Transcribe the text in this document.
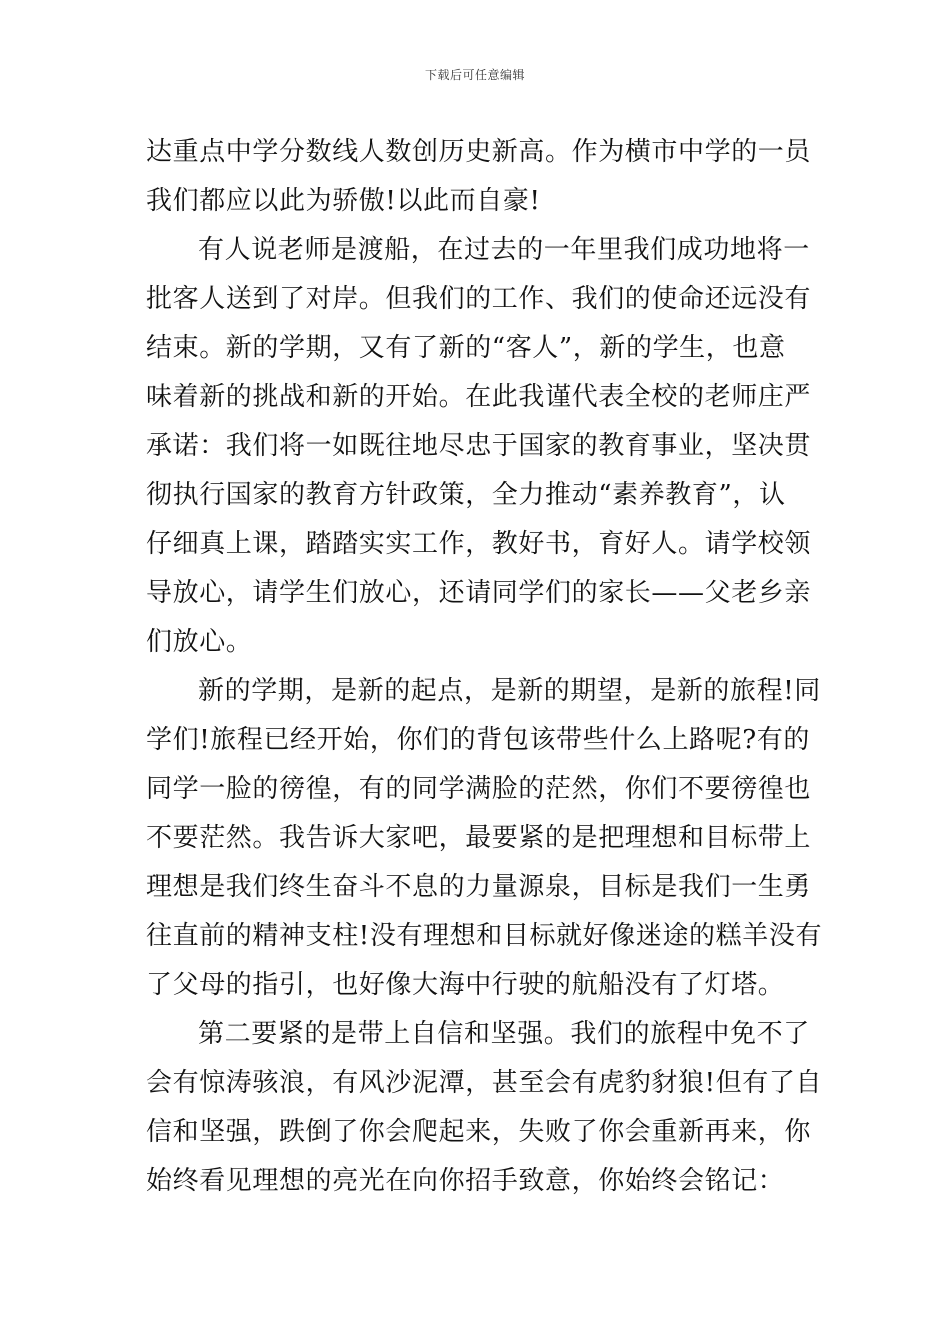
下载后可任意编辑
达重点中学分数线人数创历史新高。作为横市中学的一员
我们都应以此为骄傲!以此而自豪!
有人说老师是渡船，在过去的一年里我们成功地将一
批客人送到了对岸。但我们的工作、我们的使命还远没有
结束。新的学期，又有了新的“客人”，新的学生，也意
味着新的挑战和新的开始。在此我谨代表全校的老师庄严
承诺：我们将一如既往地尽忠于国家的教育事业，坚决贯
彻执行国家的教育方针政策，全力推动“素养教育”，认
仔细真上课，踏踏实实工作，教好书，育好人。请学校领
导放心，请学生们放心，还请同学们的家长——父老乡亲
们放心。
新的学期，是新的起点，是新的期望，是新的旅程!同
学们!旅程已经开始，你们的背包该带些什么上路呢?有的
同学一脸的徬徨，有的同学满脸的茫然，你们不要徬徨也
不要茫然。我告诉大家吧，最要紧的是把理想和目标带上
理想是我们终生奋斗不息的力量源泉，目标是我们一生勇
往直前的精神支柱!没有理想和目标就好像迷途的糕羊没有
了父母的指引，也好像大海中行驶的航船没有了灯塔。
第二要紧的是带上自信和坚强。我们的旅程中免不了
会有惊涛骇浪，有风沙泥潭，甚至会有虎豹豺狼!但有了自
信和坚强，跌倒了你会爬起来，失败了你会重新再来，你
始终看见理想的亮光在向你招手致意，你始终会铭记：
